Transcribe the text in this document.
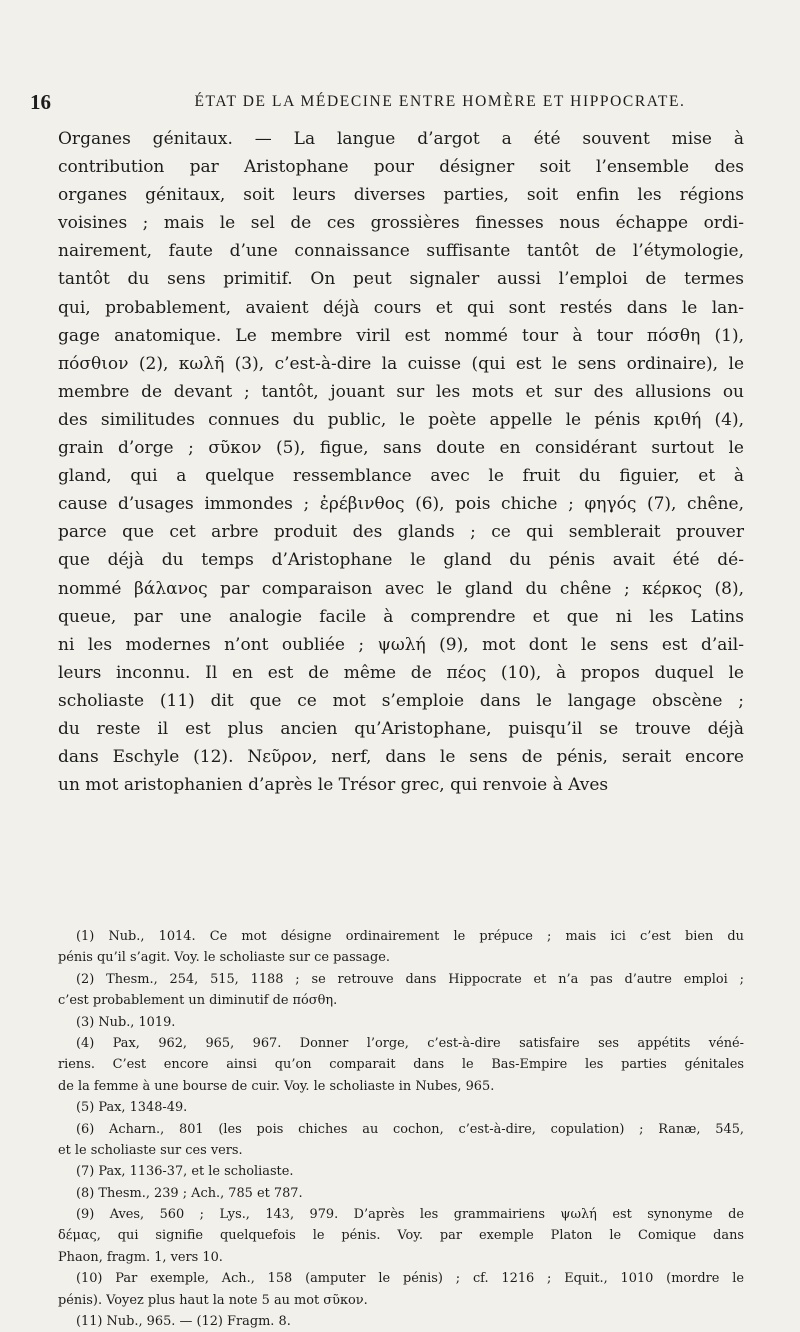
16	ÉTAT DE LA MÉDECINE ENTRE HOMÈRE ET HIPPOCRATE.
Organes génitaux. — La langue d’argot a été souvent mise à
contribution par Aristophane pour désigner soit l’ensemble des
organes génitaux, soit leurs diverses parties, soit enfin les régions
voisines ; mais le sel de ces grossières finesses nous échappe ordi-
nairement, faute d’une connaissance suffisante tantôt de l’étymologie,
tantôt du sens primitif. On peut signaler aussi l’emploi de termes
qui, probablement, avaient déjà cours et qui sont restés dans le lan-
gage anatomique. Le membre viril est nommé tour à tour πόσθη (1),
πόσθιον (2), κωλῆ (3), c’est-à-dire la cuisse (qui est le sens ordinaire), le
membre de devant ; tantôt, jouant sur les mots et sur des allusions ou
des similitudes connues du public, le poète appelle le pénis κριθή (4),
grain d’orge ; σῦκον (5), figue, sans doute en considérant surtout le
gland, qui a quelque ressemblance avec le fruit du figuier, et à
cause d’usages immondes ; ἐρέβινθος (6), pois chiche ; φηγός (7), chêne,
parce que cet arbre produit des glands ; ce qui semblerait prouver
que déjà du temps d’Aristophane le gland du pénis avait été dé-
nommé βάλανος par comparaison avec le gland du chêne ; κέρκος (8),
queue, par une analogie facile à comprendre et que ni les Latins
ni les modernes n’ont oubliée ; ψωλή (9), mot dont le sens est d’ail-
leurs inconnu. Il en est de même de πέος (10), à propos duquel le
scholiaste (11) dit que ce mot s’emploie dans le langage obscène ;
du reste il est plus ancien qu’Aristophane, puisqu’il se trouve déjà
dans Eschyle (12). Νεῦρον, nerf, dans le sens de pénis, serait encore
un mot aristophanien d’après le Trésor grec, qui renvoie à Aves
(1) Nub., 1014. Ce mot désigne ordinairement le prépuce ; mais ici c’est bien du
pénis qu’il s’agit. Voy. le scholiaste sur ce passage.
(2) Thesm., 254, 515, 1188 ; se retrouve dans Hippocrate et n’a pas d’autre emploi ;
c’est probablement un diminutif de πόσθη.
(3) Nub., 1019.
(4) Pax, 962, 965, 967. Donner l’orge, c’est-à-dire satisfaire ses appétits véné-
riens. C’est encore ainsi qu’on comparait dans le Bas-Empire les parties génitales
de la femme à une bourse de cuir. Voy. le scholiaste in Nubes, 965.
(5) Pax, 1348-49.
(6) Acharn., 801 (les pois chiches au cochon, c’est-à-dire, copulation) ; Ranæ, 545,
et le scholiaste sur ces vers.
(7) Pax, 1136-37, et le scholiaste.
(8) Thesm., 239 ; Ach., 785 et 787.
(9) Aves, 560 ; Lys., 143, 979. D’après les grammairiens ψωλή est synonyme de
δέμας, qui signifie quelquefois le pénis. Voy. par exemple Platon le Comique dans
Phaon, fragm. 1, vers 10.
(10) Par exemple, Ach., 158 (amputer le pénis) ; cf. 1216 ; Equit., 1010 (mordre le
pénis). Voyez plus haut la note 5 au mot σῦκον.
(11) Nub., 965. — (12) Fragm. 8.
